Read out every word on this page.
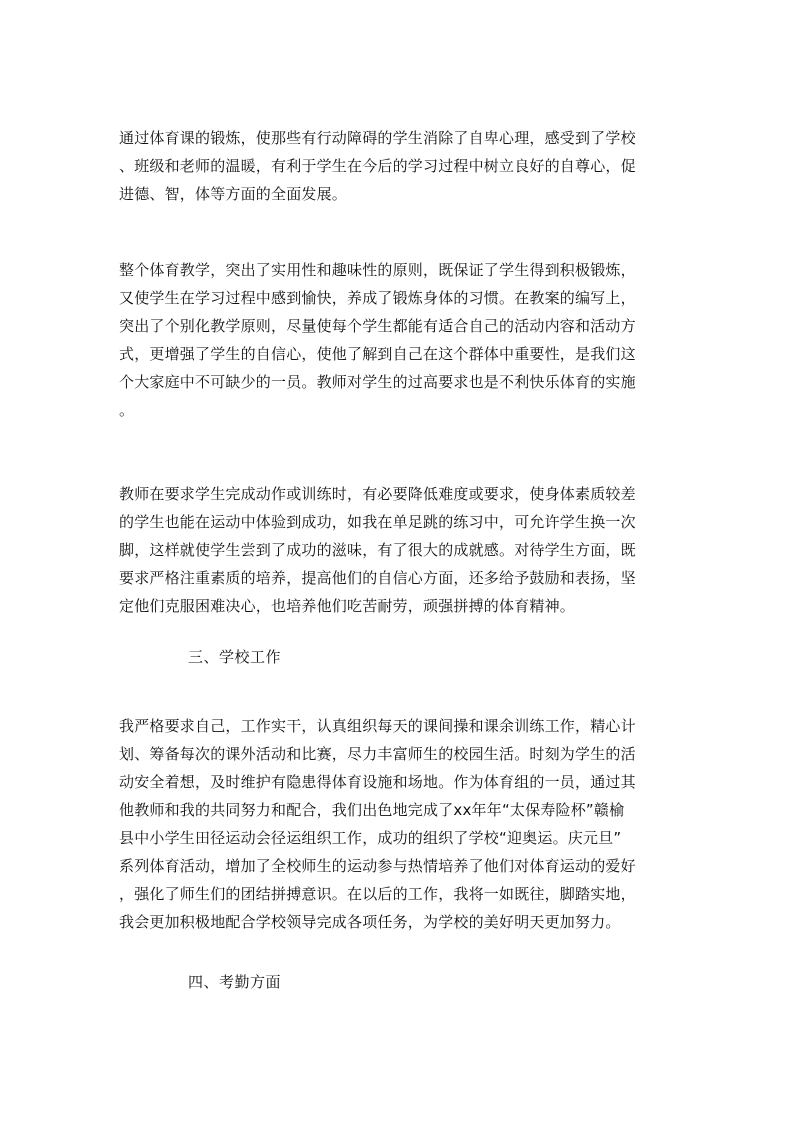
通过体育课的锻炼，使那些有行动障碍的学生消除了自卑心理，感受到了学校
、班级和老师的温暖，有利于学生在今后的学习过程中树立良好的自尊心，促
进德、智，体等方面的全面发展。
整个体育教学，突出了实用性和趣味性的原则，既保证了学生得到积极锻炼，
又使学生在学习过程中感到愉快，养成了锻炼身体的习惯。在教案的编写上，
突出了个别化教学原则，尽量使每个学生都能有适合自己的活动内容和活动方
式，更增强了学生的自信心，使他了解到自己在这个群体中重要性，是我们这
个大家庭中不可缺少的一员。教师对学生的过高要求也是不利快乐体育的实施
。
教师在要求学生完成动作或训练时，有必要降低难度或要求，使身体素质较差
的学生也能在运动中体验到成功，如我在单足跳的练习中，可允许学生换一次
脚，这样就使学生尝到了成功的滋味，有了很大的成就感。对待学生方面，既
要求严格注重素质的培养，提高他们的自信心方面，还多给予鼓励和表扬，坚
定他们克服困难决心，也培养他们吃苦耐劳，顽强拼搏的体育精神。
三、学校工作
我严格要求自己，工作实干，认真组织每天的课间操和课余训练工作，精心计
划、筹备每次的课外活动和比赛，尽力丰富师生的校园生活。时刻为学生的活
动安全着想，及时维护有隐患得体育设施和场地。作为体育组的一员，通过其
他教师和我的共同努力和配合，我们出色地完成了xx年年“太保寿险杯”赣榆
县中小学生田径运动会径运组织工作，成功的组织了学校“迎奥运。庆元旦”
系列体育活动，增加了全校师生的运动参与热情培养了他们对体育运动的爱好
，强化了师生们的团结拼搏意识。在以后的工作，我将一如既往，脚踏实地，
我会更加积极地配合学校领导完成各项任务，为学校的美好明天更加努力。
四、考勤方面
